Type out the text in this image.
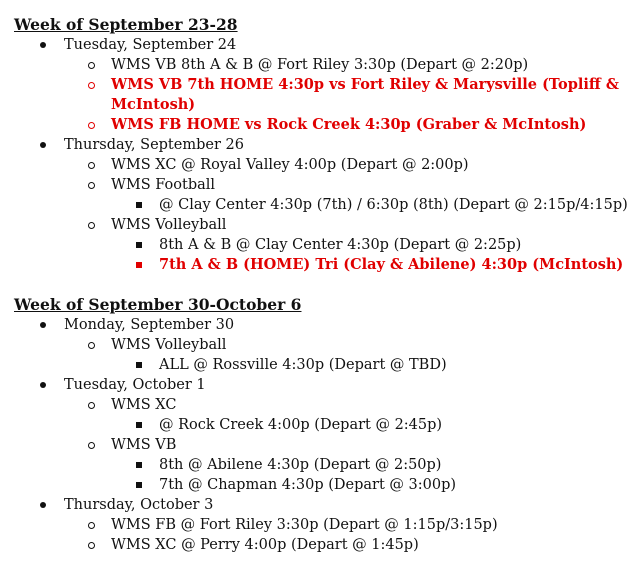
Week of September 23-28
Tuesday, September 24
WMS VB 8th A & B @ Fort Riley 3:30p (Depart @ 2:20p)
WMS VB 7th HOME 4:30p vs Fort Riley & Marysville (Topliff & McIntosh)
WMS FB HOME vs Rock Creek 4:30p (Graber & McIntosh)
Thursday, September 26
WMS XC @ Royal Valley 4:00p (Depart @ 2:00p)
WMS Football
@ Clay Center 4:30p (7th) / 6:30p (8th) (Depart @ 2:15p/4:15p)
WMS Volleyball
8th A & B @ Clay Center 4:30p (Depart @ 2:25p)
7th A & B (HOME) Tri (Clay & Abilene) 4:30p (McIntosh)
Week of September 30-October 6
Monday, September 30
WMS Volleyball
ALL @ Rossville 4:30p (Depart @ TBD)
Tuesday, October 1
WMS XC
@ Rock Creek 4:00p (Depart @ 2:45p)
WMS VB
8th @ Abilene 4:30p (Depart @ 2:50p)
7th @ Chapman 4:30p (Depart @ 3:00p)
Thursday, October 3
WMS FB @ Fort Riley 3:30p (Depart @ 1:15p/3:15p)
WMS XC @ Perry 4:00p (Depart @ 1:45p)
